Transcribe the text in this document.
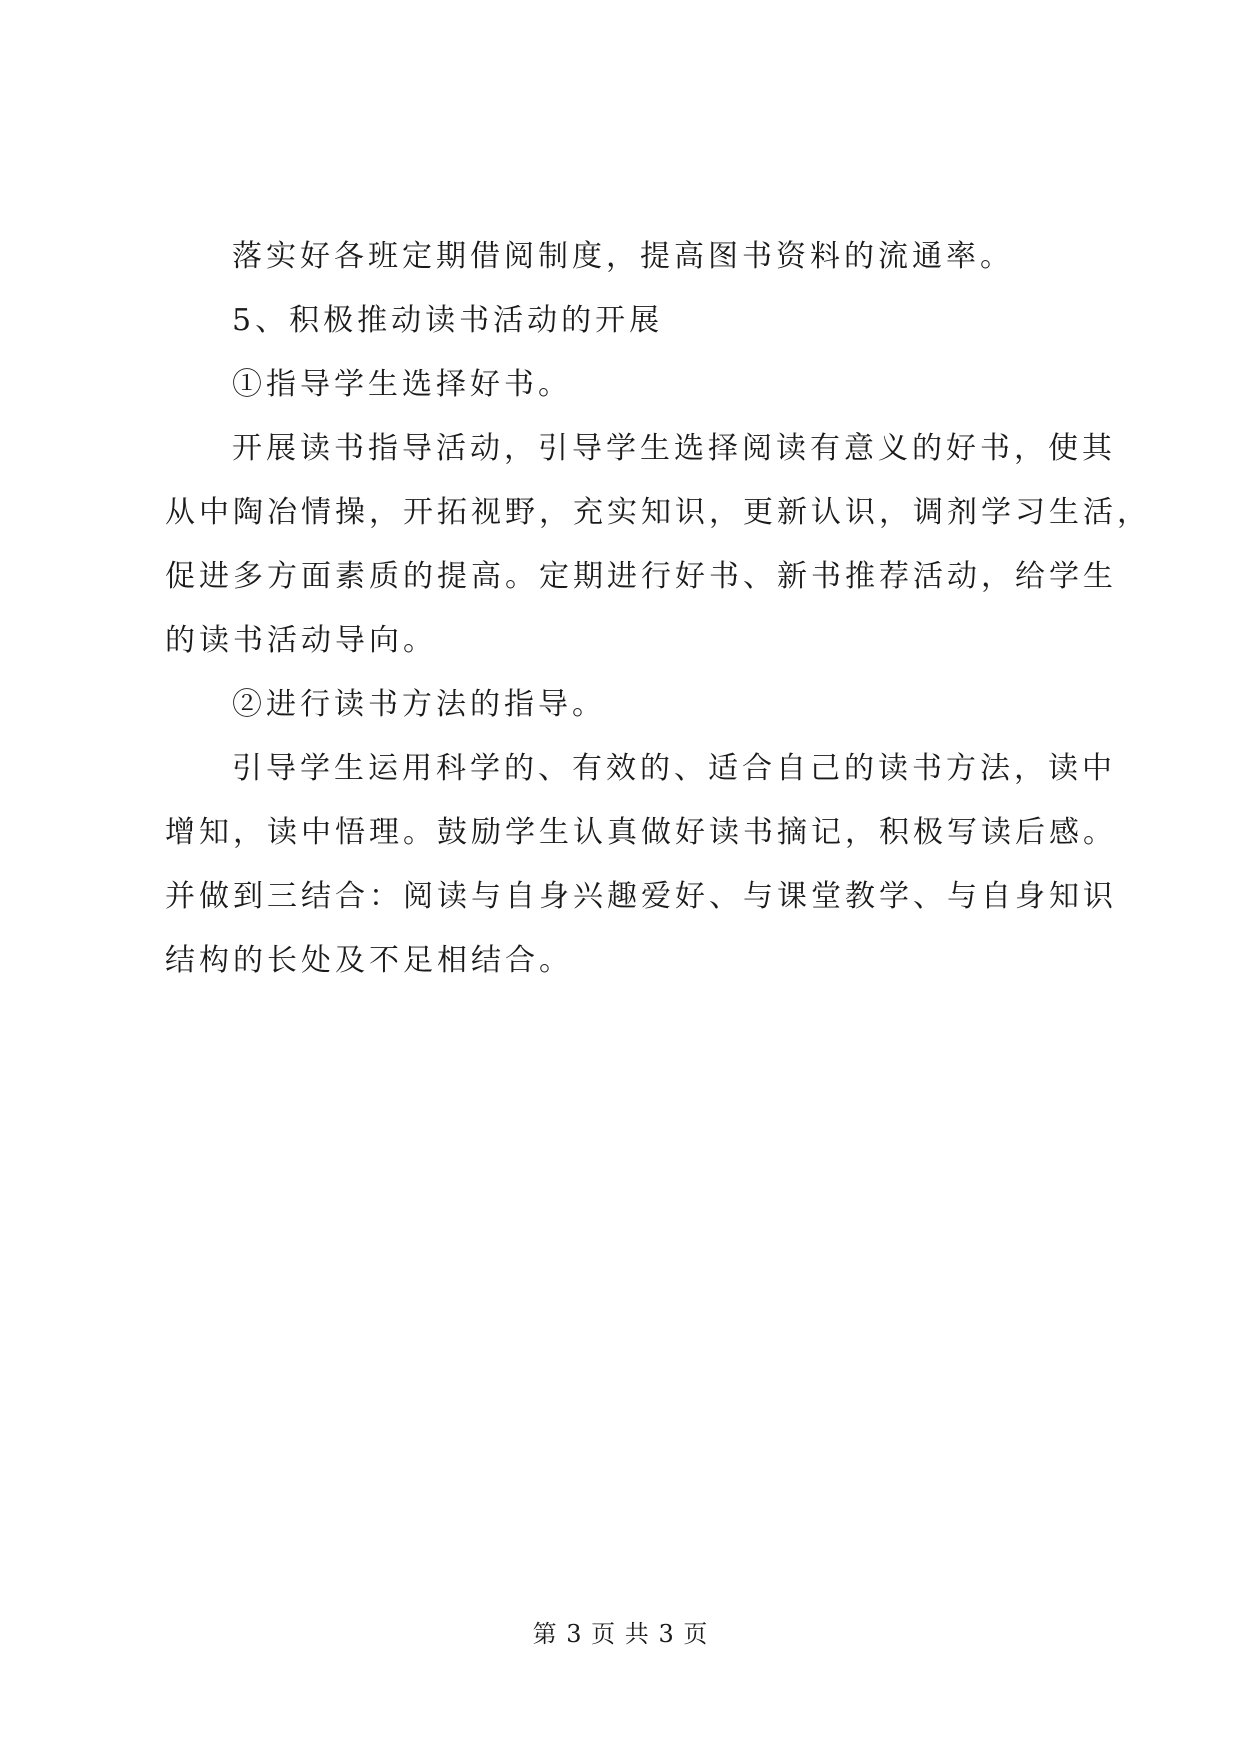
落实好各班定期借阅制度，提高图书资料的流通率。
5、积极推动读书活动的开展
①指导学生选择好书。
开展读书指导活动，引导学生选择阅读有意义的好书，使其
从中陶冶情操，开拓视野，充实知识，更新认识，调剂学习生活，
促进多方面素质的提高。定期进行好书、新书推荐活动，给学生
的读书活动导向。
②进行读书方法的指导。
引导学生运用科学的、有效的、适合自己的读书方法，读中
增知，读中悟理。鼓励学生认真做好读书摘记，积极写读后感。
并做到三结合：阅读与自身兴趣爱好、与课堂教学、与自身知识
结构的长处及不足相结合。
第 3 页 共 3 页
